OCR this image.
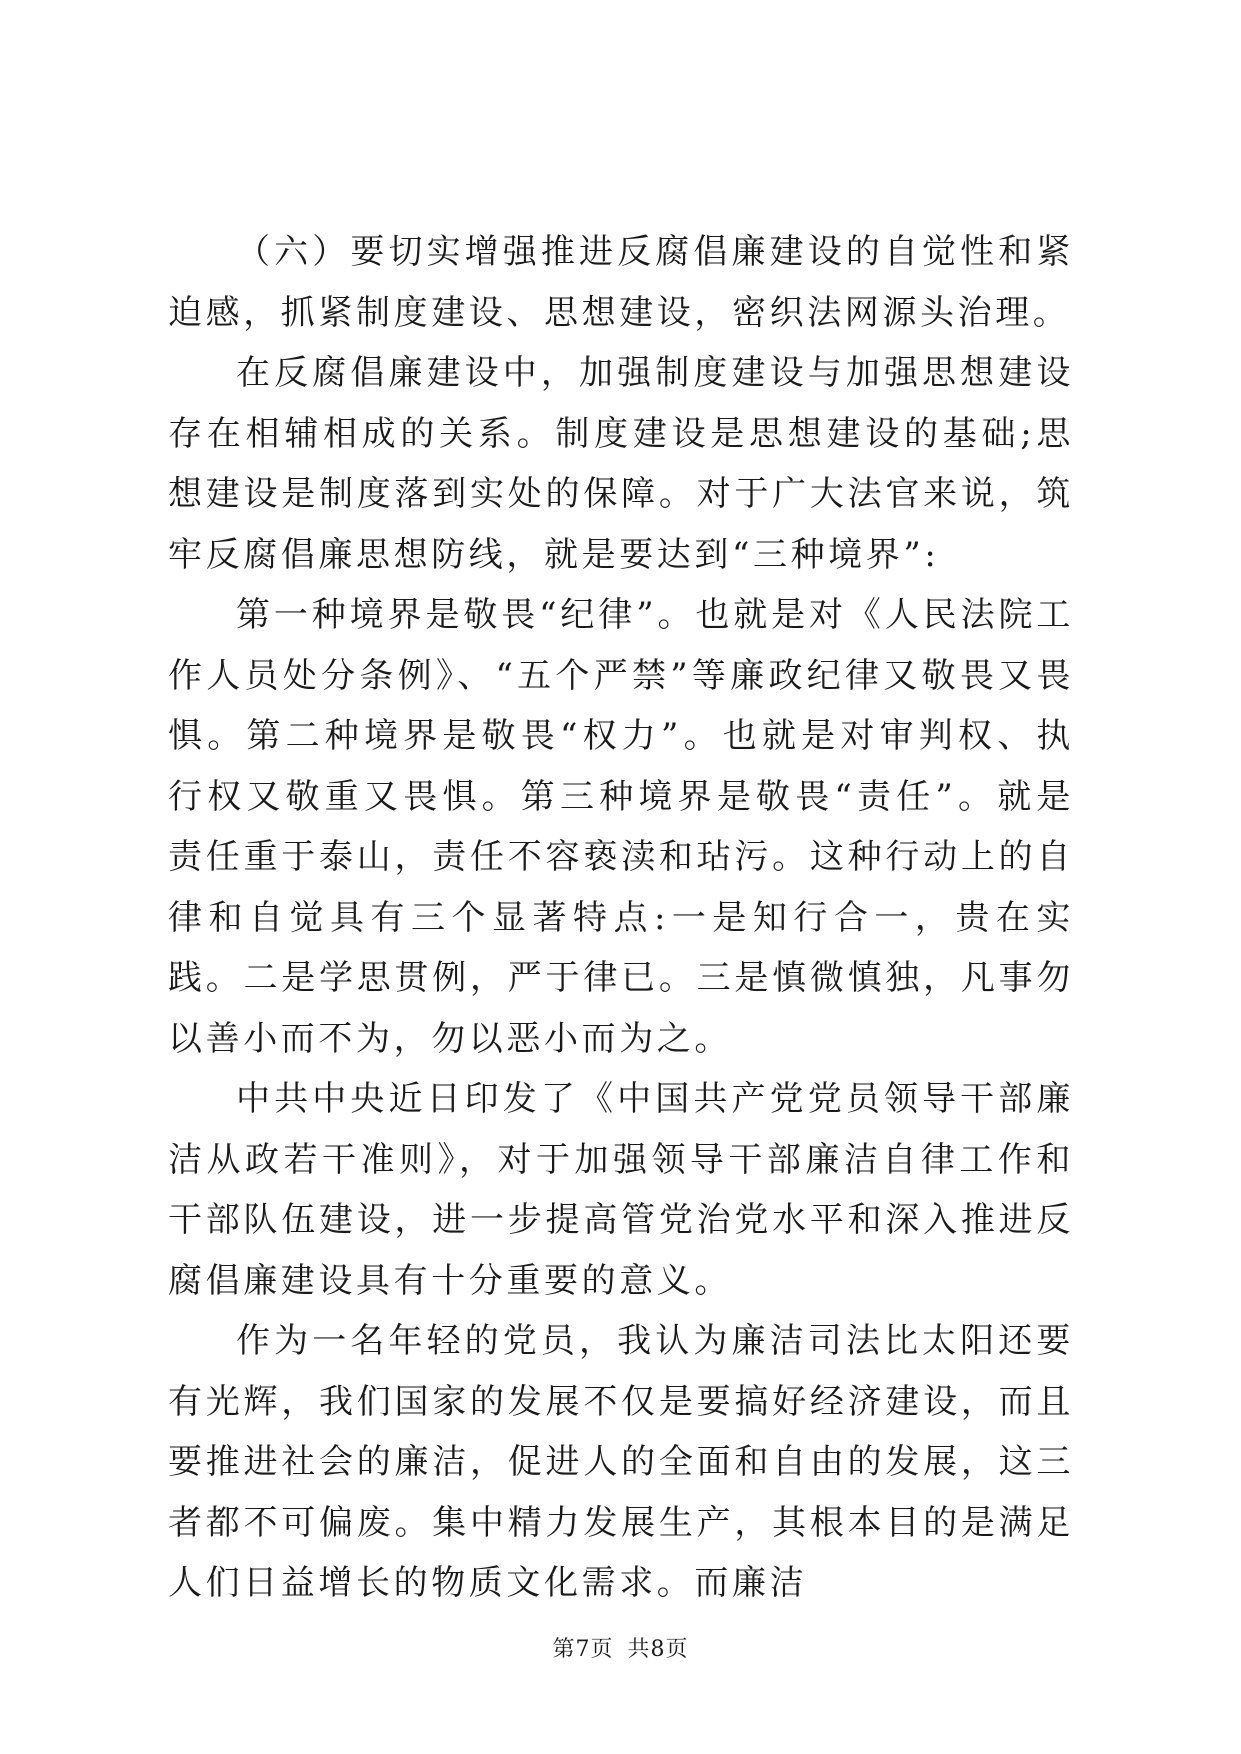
（六）要切实增强推进反腐倡廉建设的自觉性和紧迫感，抓紧制度建设、思想建设，密织法网源头治理。

在反腐倡廉建设中，加强制度建设与加强思想建设存在相辅相成的关系。制度建设是思想建设的基础;思想建设是制度落到实处的保障。对于广大法官来说，筑牢反腐倡廉思想防线，就是要达到“三种境界”:

第一种境界是敬畏“纪律”。也就是对《人民法院工作人员处分条例》、“五个严禁”等廉政纪律又敬畏又畏惧。第二种境界是敬畏“权力”。也就是对审判权、执行权又敬重又畏惧。第三种境界是敬畏“责任”。就是责任重于泰山，责任不容亵渎和玷污。这种行动上的自律和自觉具有三个显著特点:一是知行合一，贵在实践。二是学思贯例，严于律已。三是慎微慎独，凡事勿以善小而不为，勿以恶小而为之。

中共中央近日印发了《中国共产党党员领导干部廉洁从政若干准则》，对于加强领导干部廉洁自律工作和干部队伍建设，进一步提高管党治党水平和深入推进反腐倡廉建设具有十分重要的意义。

作为一名年轻的党员，我认为廉洁司法比太阳还要有光辉，我们国家的发展不仅是要搞好经济建设，而且要推进社会的廉洁，促进人的全面和自由的发展，这三者都不可偏废。集中精力发展生产，其根本目的是满足人们日益增长的物质文化需求。而廉洁

第7页 共8页
